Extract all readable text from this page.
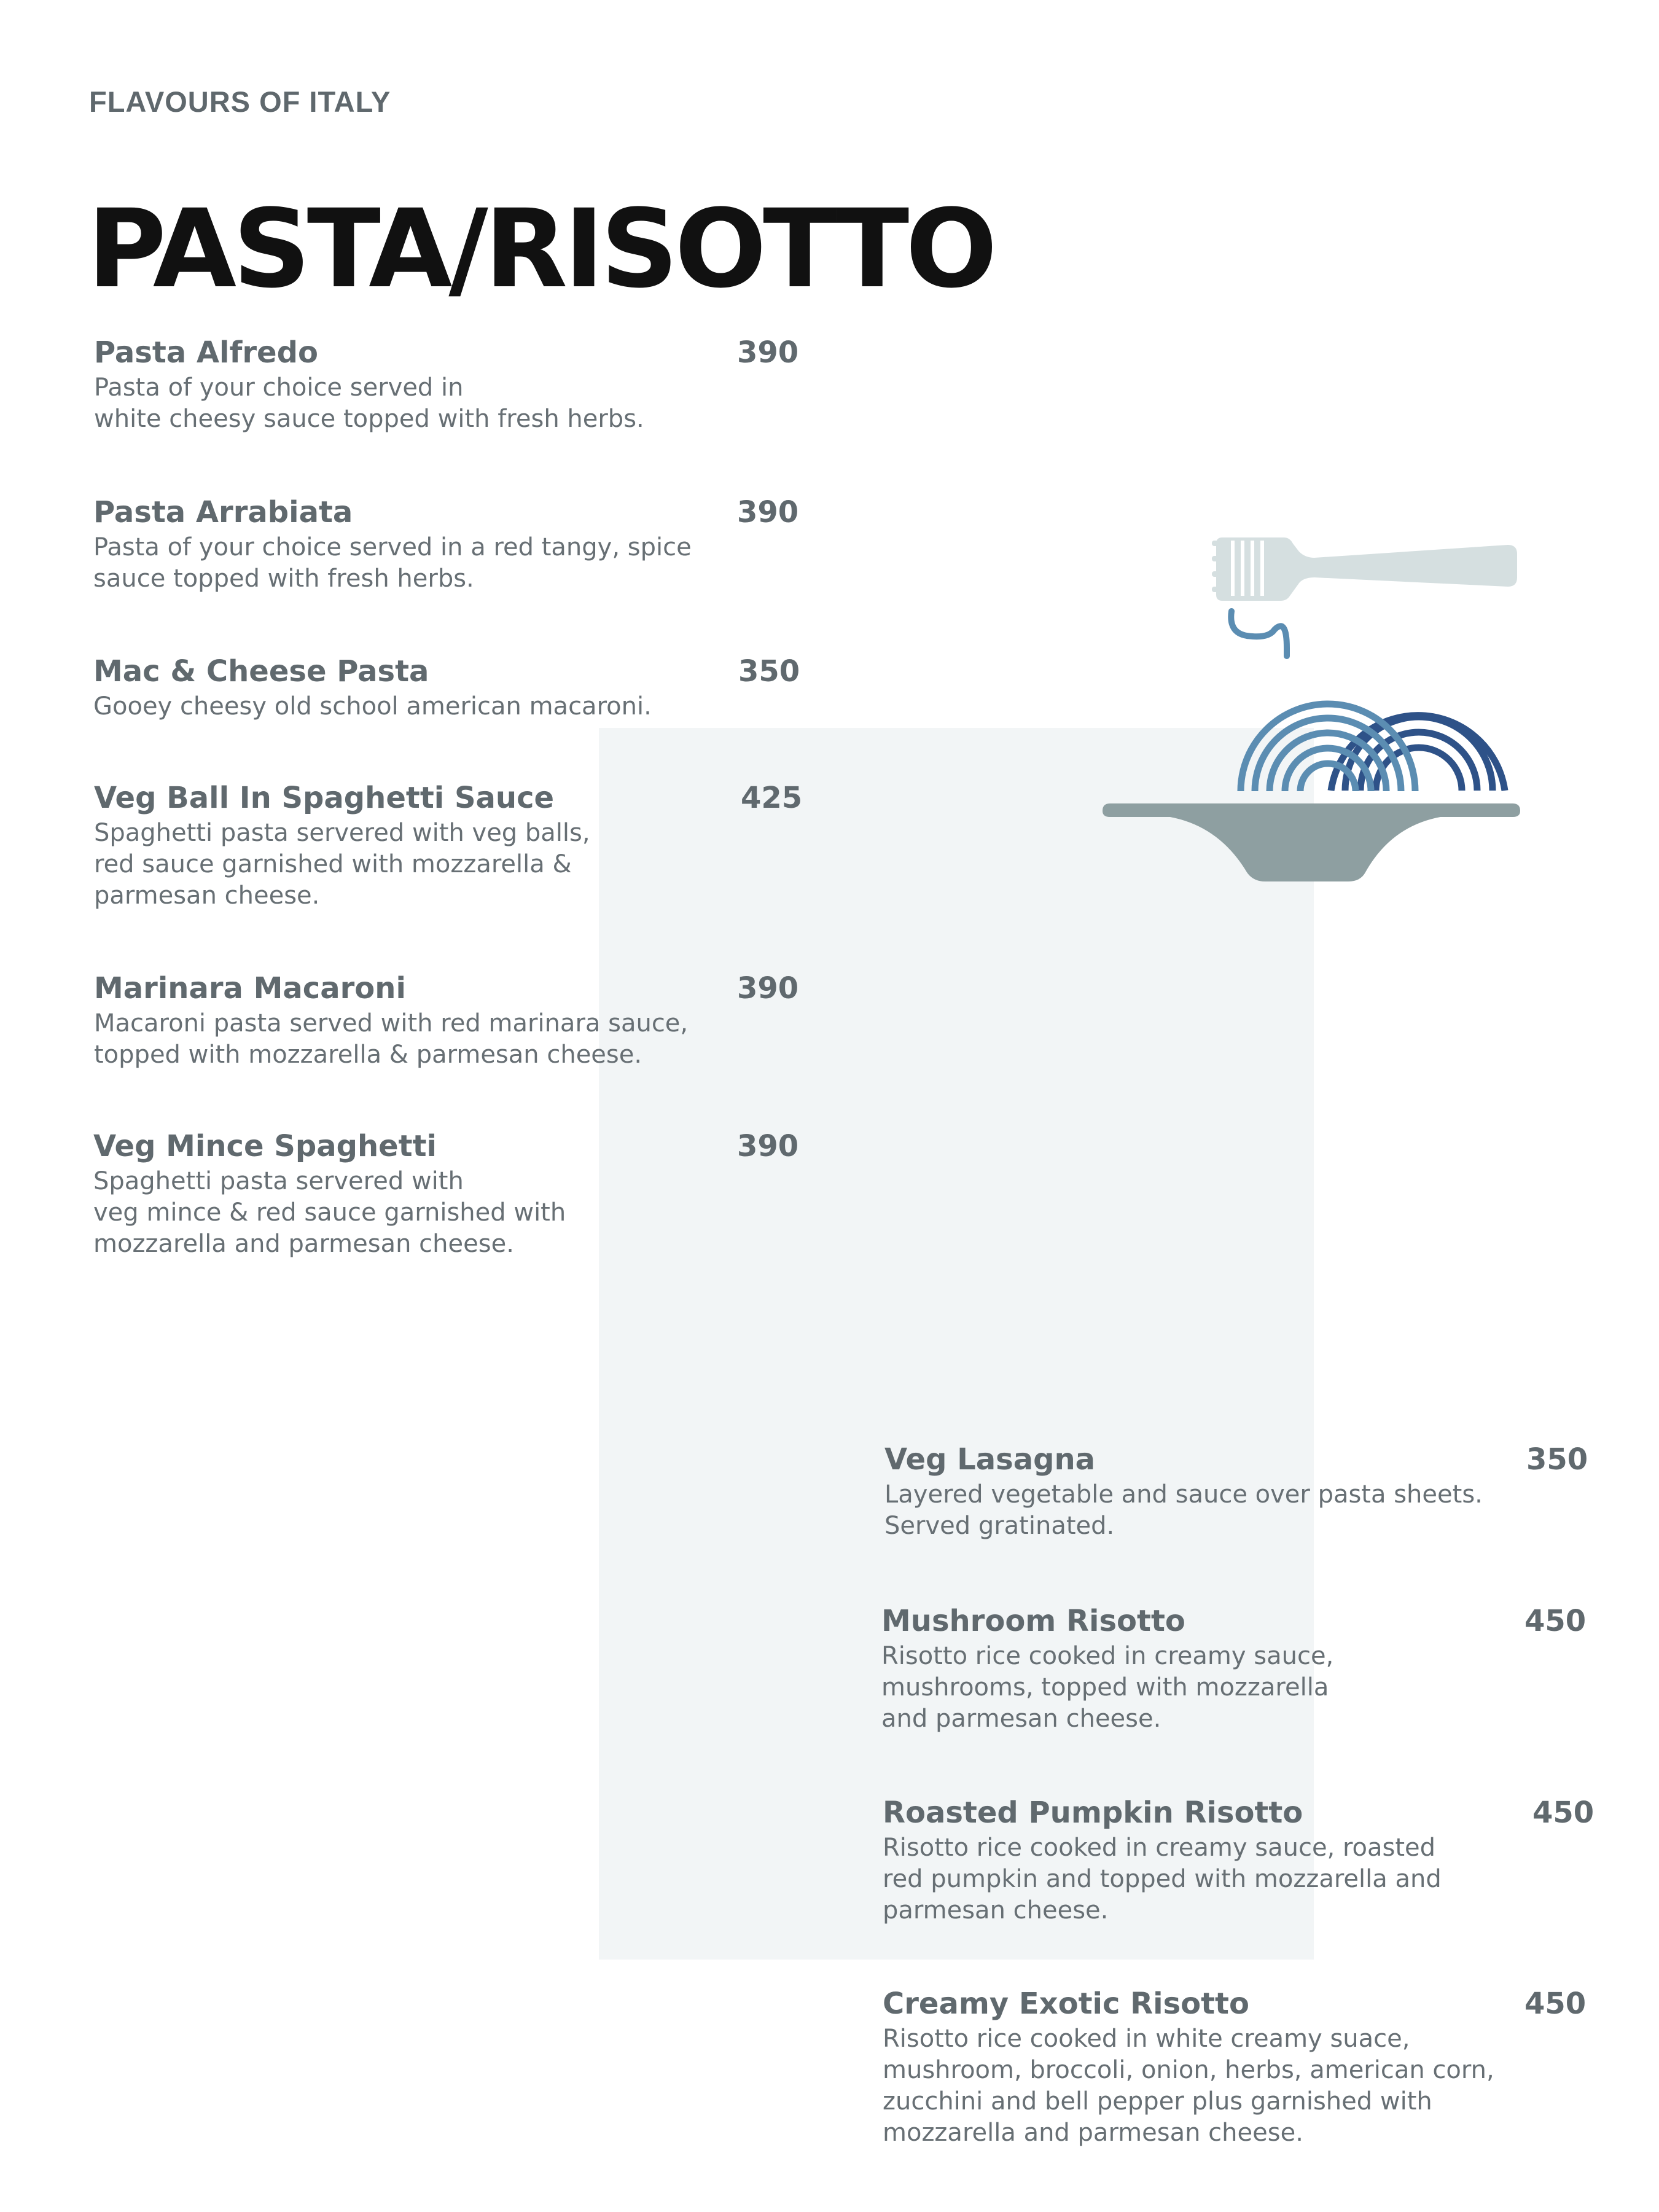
FLAVOURS OF ITALY
PASTA/RISOTTO
Pasta Alfredo	390
Pasta of your choice served in
white cheesy sauce topped with fresh herbs.
Pasta Arrabiata	390
Pasta of your choice served in a red tangy, spice
sauce topped with fresh herbs.
Mac & Cheese Pasta	350
Gooey cheesy old school american macaroni.
Veg Ball In Spaghetti Sauce	425
Spaghetti pasta servered with veg balls,
red sauce garnished with mozzarella &
parmesan cheese.
Marinara Macaroni	390
Macaroni pasta served with red marinara sauce,
topped with mozzarella & parmesan cheese.
Veg Mince Spaghetti	390
Spaghetti pasta servered with
veg mince & red sauce garnished with
mozzarella and parmesan cheese.
Veg Lasagna	350
Layered vegetable and sauce over pasta sheets.
Served gratinated.
Mushroom Risotto	450
Risotto rice cooked in creamy sauce,
mushrooms, topped with mozzarella
and parmesan cheese.
Roasted Pumpkin Risotto	450
Risotto rice cooked in creamy sauce, roasted
red pumpkin and topped with mozzarella and
parmesan cheese.
Creamy Exotic Risotto	450
Risotto rice cooked in white creamy suace,
mushroom, broccoli, onion, herbs, american corn,
zucchini and bell pepper plus garnished with
mozzarella and parmesan cheese.
